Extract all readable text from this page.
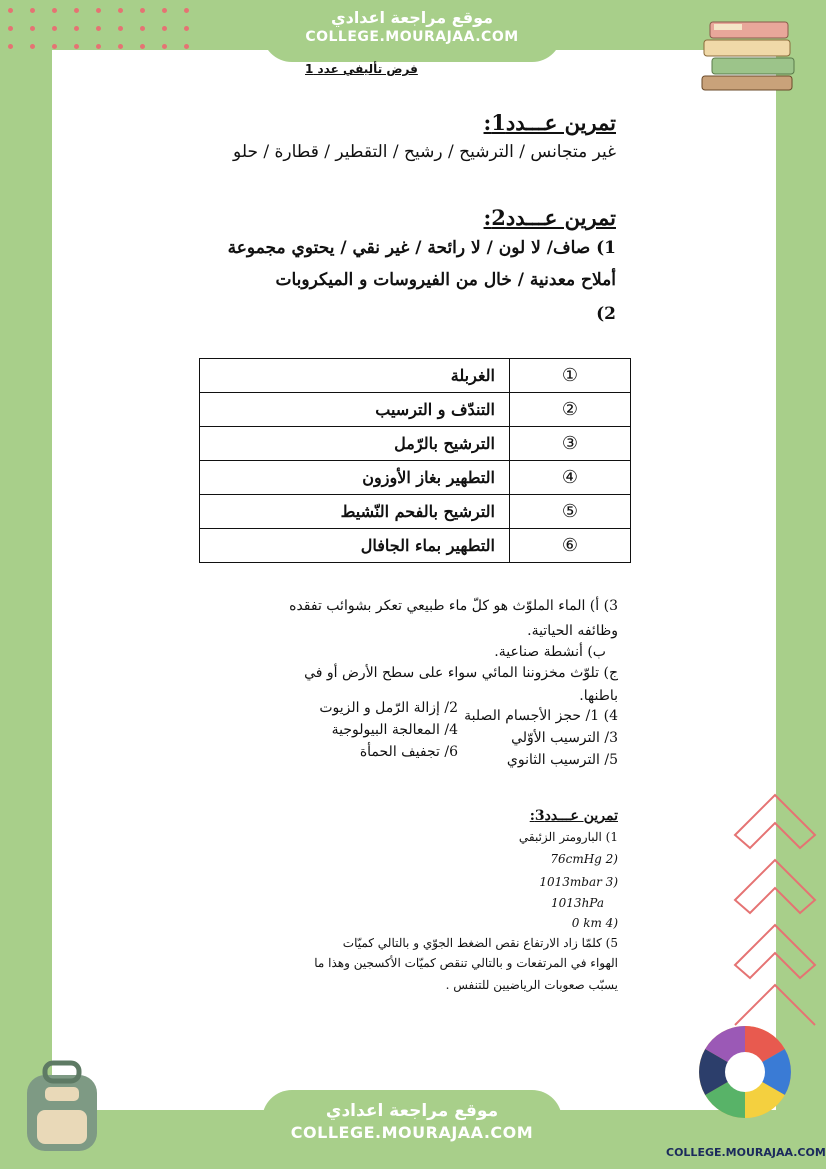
موقع مراجعة اعدادي
COLLEGE.MOURAJAA.COM
فرض تأليفي عدد 1
تمرين عـــدد1:
غير متجانس / الترشيح / رشيح / التقطير / قطارة / حلو
تمرين عـــدد2:
1) صاف/ لا لون / لا رائحة / غير نقي / يحتوي مجموعة
أملاح معدنية / خال من الفيروسات و الميكروبات
2)
①	الغربلة
②	التندّف و الترسيب
③	الترشيح بالرّمل
④	التطهير بغاز الأوزون
⑤	الترشيح بالفحم النّشيط
⑥	التطهير بماء الجافال
3) أ) الماء الملوّث هو كلّ ماء طبيعي تعكر بشوائب تفقده
وظائفه الحياتية.
ب) أنشطة صناعية.
ج) تلوّث مخزوننا المائي سواء على سطح الأرض أو في
باطنها.
4) 1/ حجز الأجسام الصلبة
3/ الترسيب الأوّلي
5/ الترسيب الثانوي
2/ إزالة الرّمل و الزيوت
4/ المعالجة البيولوجية
6/ تجفيف الحمأة
تمرين عـــدد3:
1) البارومتر الزئبقي
76cmHg 2)
1013mbar 3)
1013hPa
0 km 4)
5) كلمّا زاد الارتفاع نقص الضغط الجوّي و بالتالي كميّات
الهواء في المرتفعات و بالتالي تنقص كميّات الأكسجين وهذا ما
يسبّب صعوبات الرياضيين للتنفس .
COLLEGE.MOURAJAA.COM
موقع مراجعة اعدادي
COLLEGE.MOURAJAA.COM
